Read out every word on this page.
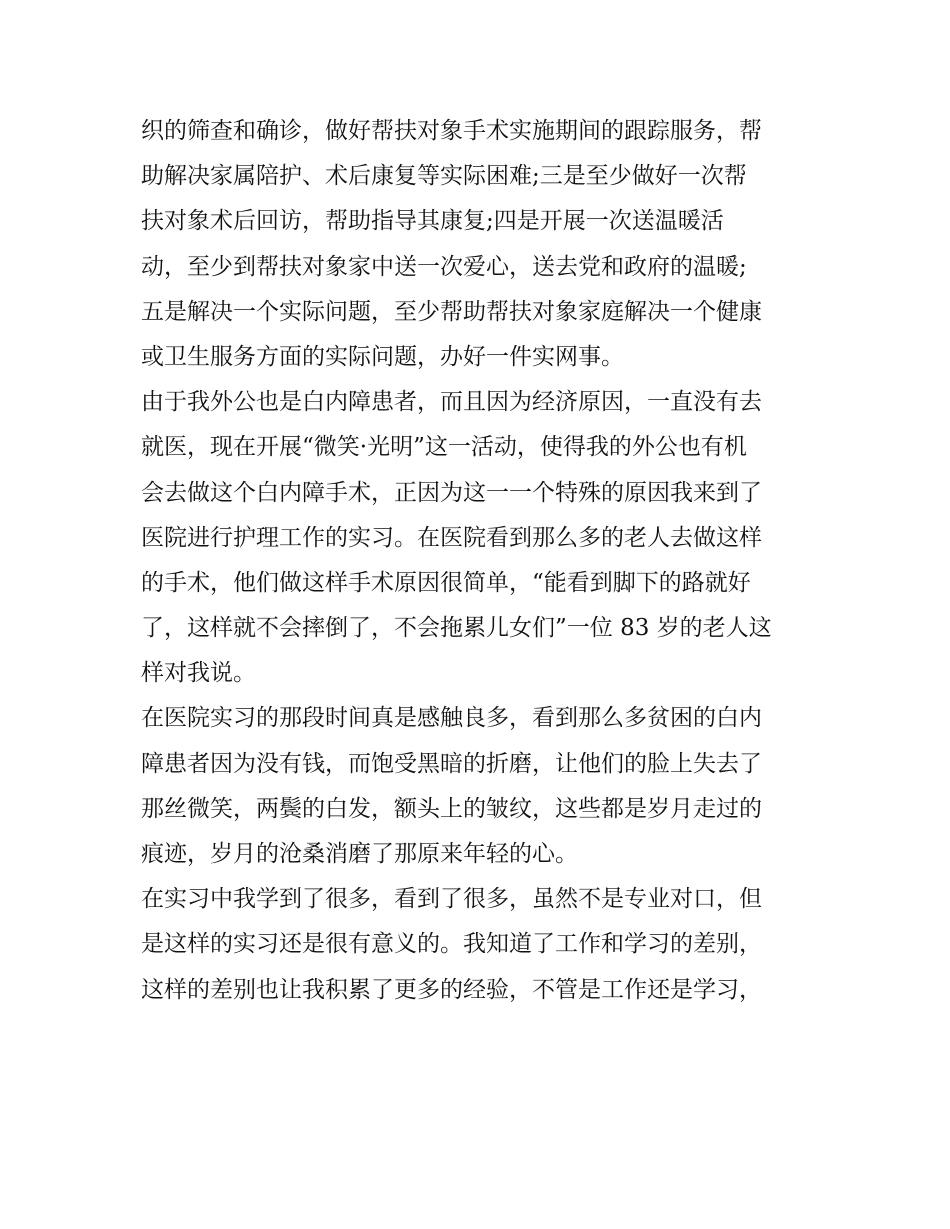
织的筛查和确诊，做好帮扶对象手术实施期间的跟踪服务，帮
助解决家属陪护、术后康复等实际困难;三是至少做好一次帮
扶对象术后回访，帮助指导其康复;四是开展一次送温暖活
动，至少到帮扶对象家中送一次爱心，送去党和政府的温暖;
五是解决一个实际问题，至少帮助帮扶对象家庭解决一个健康
或卫生服务方面的实际问题，办好一件实网事。
由于我外公也是白内障患者，而且因为经济原因，一直没有去
就医，现在开展“微笑·光明”这一活动，使得我的外公也有机
会去做这个白内障手术，正因为这一一个特殊的原因我来到了
医院进行护理工作的实习。在医院看到那么多的老人去做这样
的手术，他们做这样手术原因很简单，“能看到脚下的路就好
了，这样就不会摔倒了，不会拖累儿女们”一位 83 岁的老人这
样对我说。
在医院实习的那段时间真是感触良多，看到那么多贫困的白内
障患者因为没有钱，而饱受黑暗的折磨，让他们的脸上失去了
那丝微笑，两鬓的白发，额头上的皱纹，这些都是岁月走过的
痕迹，岁月的沧桑消磨了那原来年轻的心。
在实习中我学到了很多，看到了很多，虽然不是专业对口，但
是这样的实习还是很有意义的。我知道了工作和学习的差别，
这样的差别也让我积累了更多的经验，不管是工作还是学习，
